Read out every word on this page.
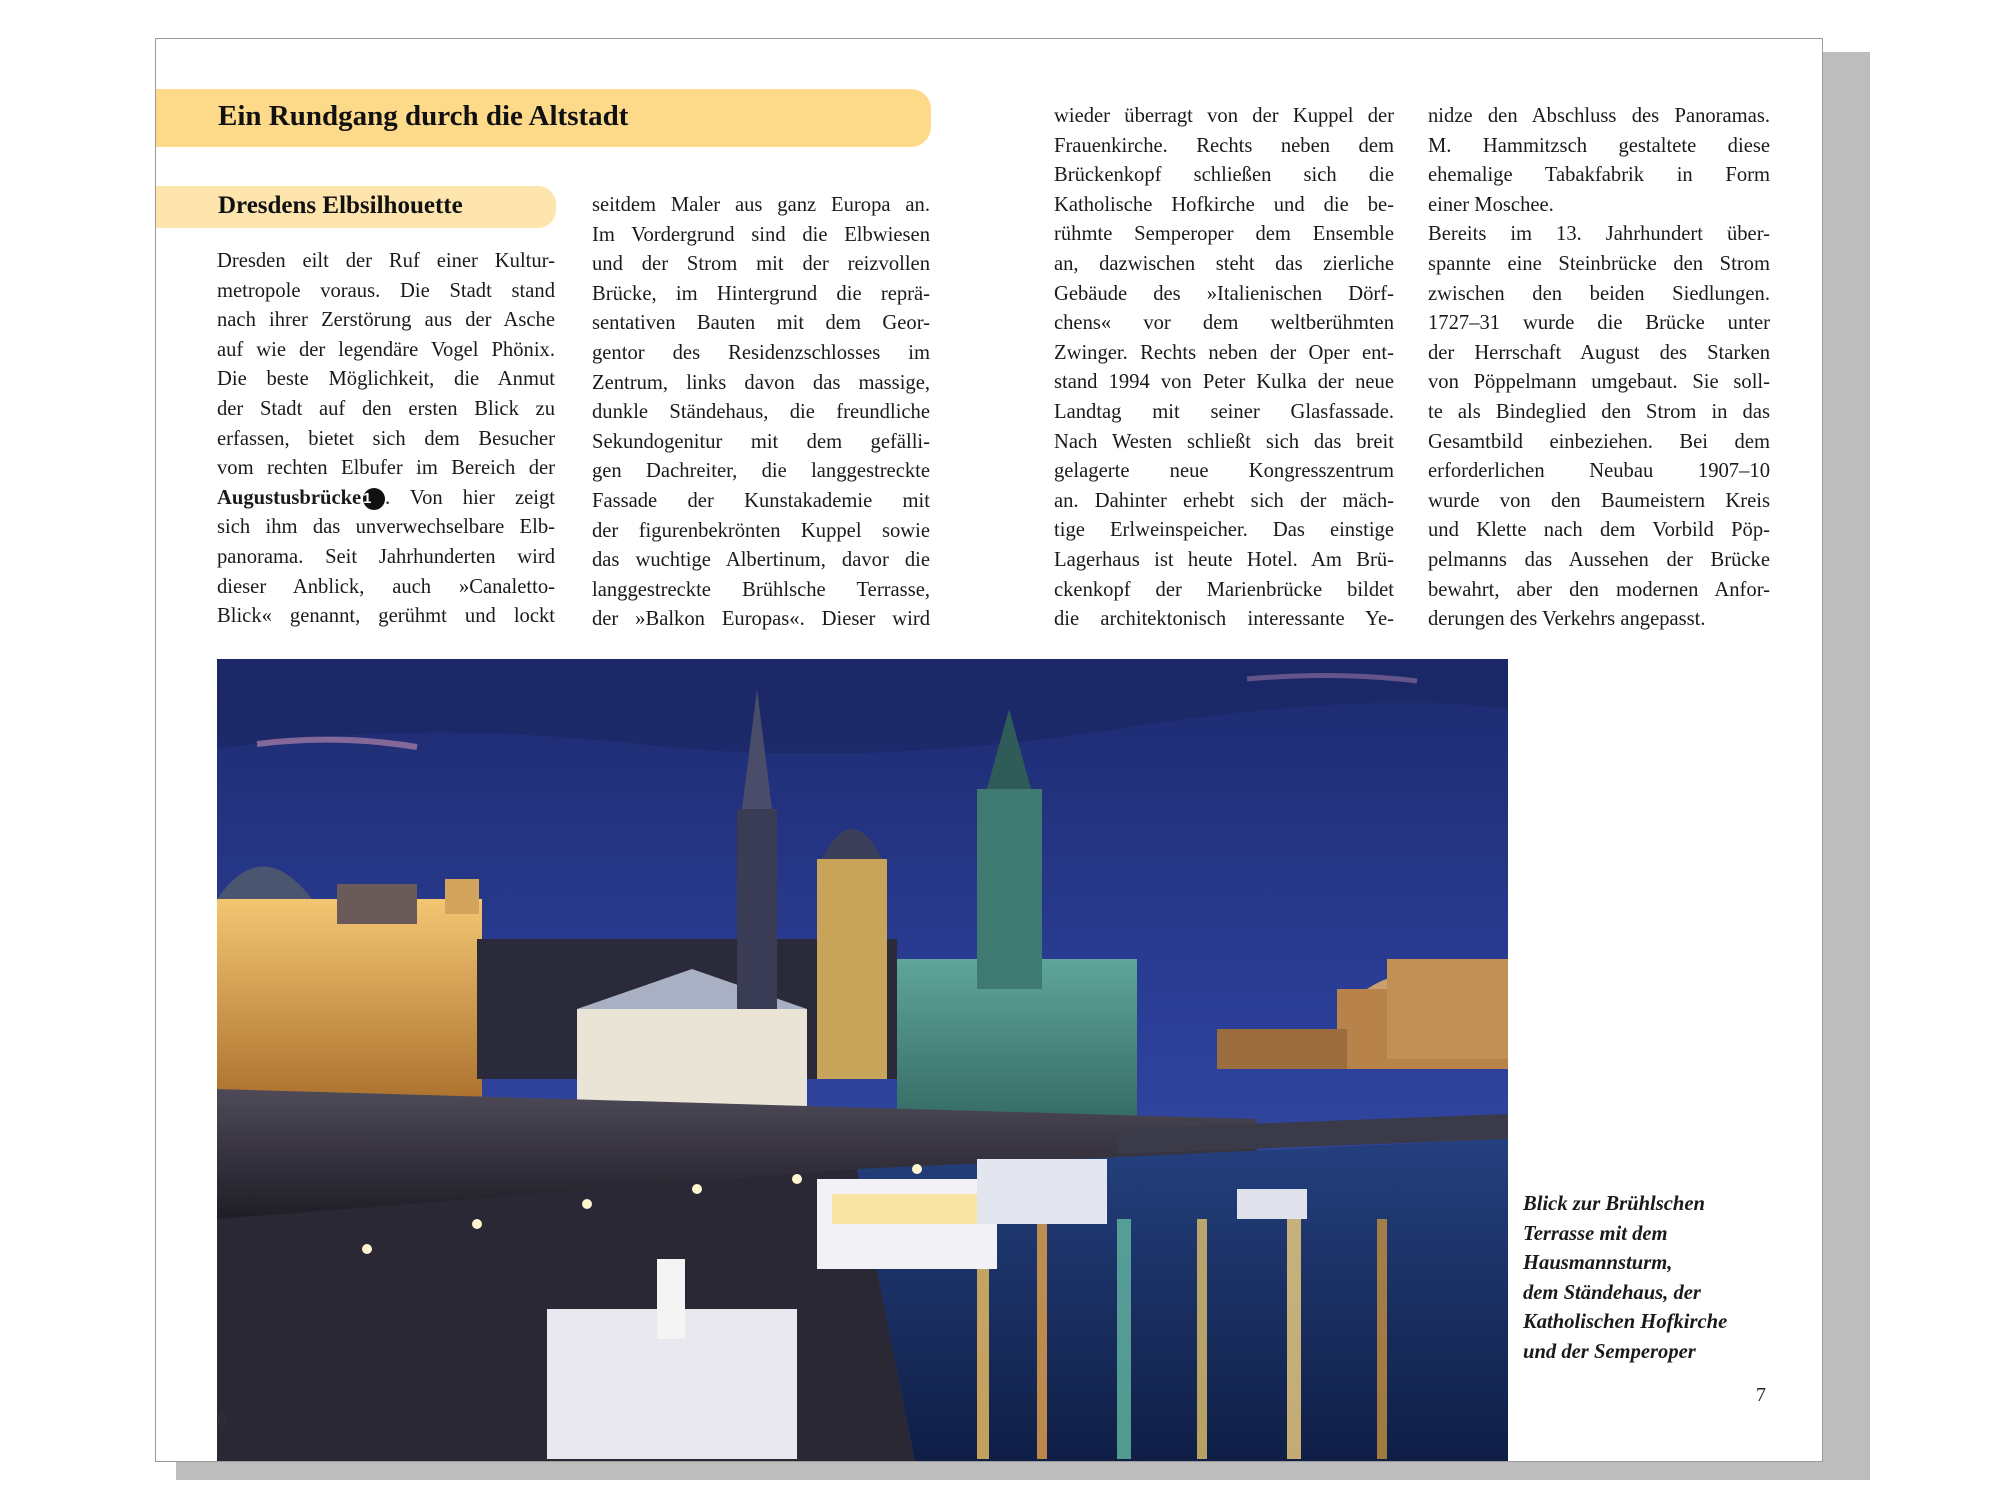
Ein Rundgang durch die Altstadt
Dresdens Elbsilhouette
Dresden eilt der Ruf einer Kultur-
metropole voraus. Die Stadt stand
nach ihrer Zerstörung aus der Asche
auf wie der legendäre Vogel Phönix.
Die beste Möglichkeit, die Anmut
der Stadt auf den ersten Blick zu
erfassen, bietet sich dem Besucher
vom rechten Elbufer im Bereich der
Augustusbrücke  1 . Von hier zeigt
sich ihm das unverwechselbare Elb-
panorama. Seit Jahrhunderten wird
dieser Anblick, auch »Canaletto-
Blick« genannt, gerühmt und lockt
seitdem Maler aus ganz Europa an.
Im Vordergrund sind die Elbwiesen
und der Strom mit der reizvollen
Brücke, im Hintergrund die reprä-
sentativen Bauten mit dem Geor-
gentor des Residenzschlosses im
Zentrum, links davon das massige,
dunkle Ständehaus, die freundliche
Sekundogenitur mit dem gefälli-
gen Dachreiter, die langgestreckte
Fassade der Kunstakademie mit
der figurenbekrönten Kuppel sowie
das wuchtige Albertinum, davor die
langgestreckte Brühlsche Terrasse,
der »Balkon Europas«. Dieser wird
wieder überragt von der Kuppel der
Frauenkirche. Rechts neben dem
Brückenkopf schließen sich die
Katholische Hofkirche und die be-
rühmte Semperoper dem Ensemble
an, dazwischen steht das zierliche
Gebäude des »Italienischen Dörf-
chens« vor dem weltberühmten
Zwinger. Rechts neben der Oper ent-
stand 1994 von Peter Kulka der neue
Landtag mit seiner Glasfassade.
Nach Westen schließt sich das breit
gelagerte neue Kongresszentrum
an. Dahinter erhebt sich der mäch-
tige Erlweinspeicher. Das einstige
Lagerhaus ist heute Hotel. Am Brü-
ckenkopf der Marienbrücke bildet
die architektonisch interessante Ye-
nidze den Abschluss des Panoramas.
M. Hammitzsch gestaltete diese
ehemalige Tabakfabrik in Form
einer Moschee.
Bereits im 13. Jahrhundert über-
spannte eine Steinbrücke den Strom
zwischen den beiden Siedlungen.
1727–31 wurde die Brücke unter
der Herrschaft August des Starken
von Pöppelmann umgebaut. Sie soll-
te als Bindeglied den Strom in das
Gesamtbild einbeziehen. Bei dem
erforderlichen Neubau 1907–10
wurde von den Baumeistern Kreis
und Klette nach dem Vorbild Pöp-
pelmanns das Aussehen der Brücke
bewahrt, aber den modernen Anfor-
derungen des Verkehrs angepasst.
Blick zur Brühlschen
Terrasse mit dem
Hausmannsturm,
dem Ständehaus, der
Katholischen Hofkirche
und der Semperoper
6
7
